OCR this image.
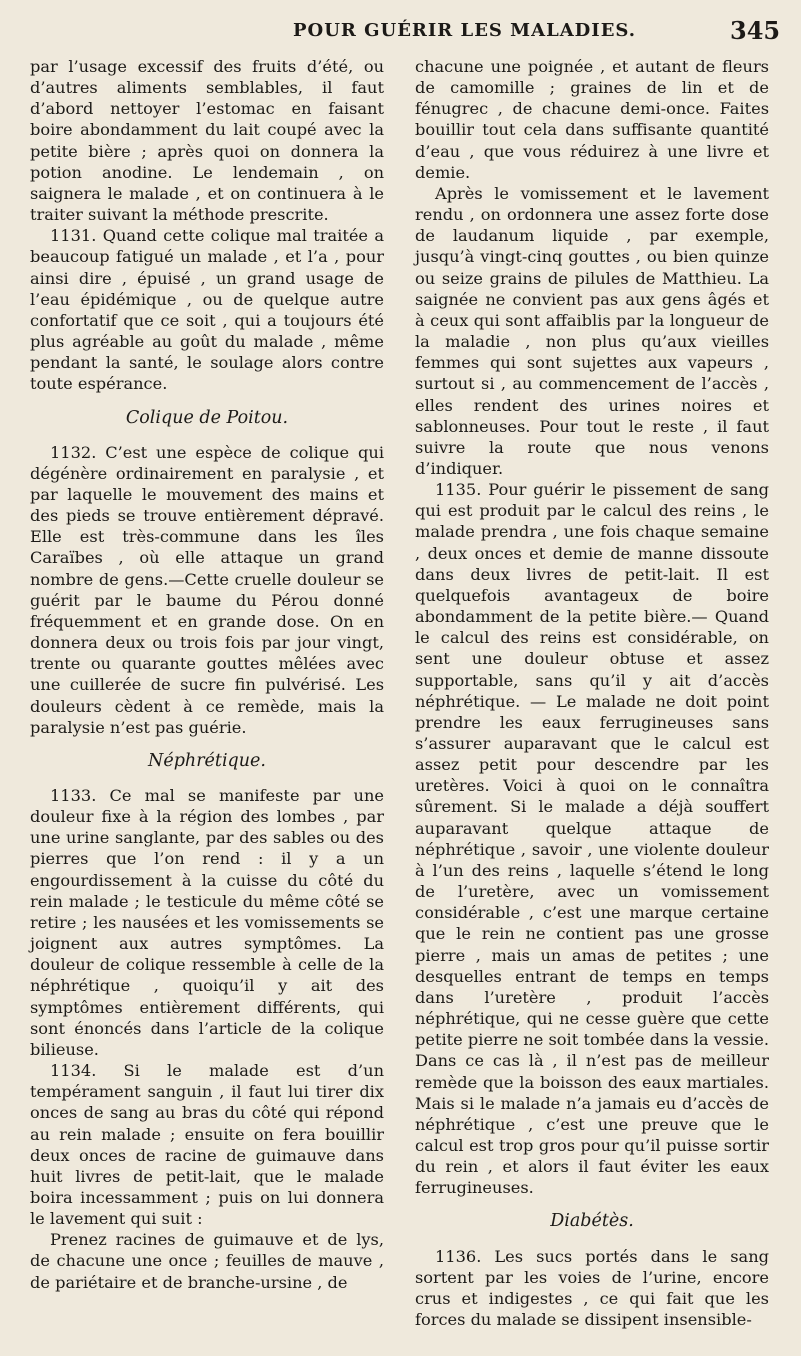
POUR GUÉRIR LES MALADIES.	345

par l’usage excessif des fruits d’été, ou d’autres aliments semblables, il faut d’abord nettoyer l’estomac en faisant boire abondamment du lait coupé avec la petite bière ; après quoi on donnera la potion anodine. Le lendemain , on saignera le malade , et on continuera à le traiter suivant la méthode prescrite.

1131. Quand cette colique mal traitée a beaucoup fatigué un malade , et l’a , pour ainsi dire , épuisé , un grand usage de l’eau épidémique , ou de quelque autre confortatif que ce soit , qui a toujours été plus agréable au goût du malade , même pendant la santé, le soulage alors contre toute espérance.

Colique de Poitou.

1132. C’est une espèce de colique qui dégénère ordinairement en paralysie , et par laquelle le mouvement des mains et des pieds se trouve entièrement dépravé. Elle est très-commune dans les îles Caraïbes , où elle attaque un grand nombre de gens.—Cette cruelle douleur se guérit par le baume du Pérou donné fréquemment et en grande dose. On en donnera deux ou trois fois par jour vingt, trente ou quarante gouttes mêlées avec une cuillerée de sucre fin pulvérisé. Les douleurs cèdent à ce remède, mais la paralysie n’est pas guérie.

Néphrétique.

1133. Ce mal se manifeste par une douleur fixe à la région des lombes , par une urine sanglante, par des sables ou des pierres que l’on rend : il y a un engourdissement à la cuisse du côté du rein malade ; le testicule du même côté se retire ; les nausées et les vomissements se joignent aux autres symptômes. La douleur de colique ressemble à celle de la néphrétique , quoiqu’il y ait des symptômes entièrement différents, qui sont énoncés dans l’article de la colique bilieuse.

1134. Si le malade est d’un tempérament sanguin , il faut lui tirer dix onces de sang au bras du côté qui répond au rein malade ; ensuite on fera bouillir deux onces de racine de guimauve dans huit livres de petit-lait, que le malade boira incessamment ; puis on lui donnera le lavement qui suit :

Prenez racines de guimauve et de lys, de chacune une once ; feuilles de mauve , de pariétaire et de branche-ursine , de

chacune une poignée , et autant de fleurs de camomille ; graines de lin et de fénugrec , de chacune demi-once. Faites bouillir tout cela dans suffisante quantité d’eau , que vous réduirez à une livre et demie.

Après le vomissement et le lavement rendu , on ordonnera une assez forte dose de laudanum liquide , par exemple, jusqu’à vingt-cinq gouttes , ou bien quinze ou seize grains de pilules de Matthieu. La saignée ne convient pas aux gens âgés et à ceux qui sont affaiblis par la longueur de la maladie , non plus qu’aux vieilles femmes qui sont sujettes aux vapeurs , surtout si , au commencement de l’accès , elles rendent des urines noires et sablonneuses. Pour tout le reste , il faut suivre la route que nous venons d’indiquer.

1135. Pour guérir le pissement de sang qui est produit par le calcul des reins , le malade prendra , une fois chaque semaine , deux onces et demie de manne dissoute dans deux livres de petit-lait. Il est quelquefois avantageux de boire abondamment de la petite bière.— Quand le calcul des reins est considérable, on sent une douleur obtuse et assez supportable, sans qu’il y ait d’accès néphrétique. — Le malade ne doit point prendre les eaux ferrugineuses sans s’assurer auparavant que le calcul est assez petit pour descendre par les uretères. Voici à quoi on le connaîtra sûrement. Si le malade a déjà souffert auparavant quelque attaque de néphrétique , savoir , une violente douleur à l’un des reins , laquelle s’étend le long de l’uretère, avec un vomissement considérable , c’est une marque certaine que le rein ne contient pas une grosse pierre , mais un amas de petites ; une desquelles entrant de temps en temps dans l’uretère , produit l’accès néphrétique, qui ne cesse guère que cette petite pierre ne soit tombée dans la vessie. Dans ce cas là , il n’est pas de meilleur remède que la boisson des eaux martiales. Mais si le malade n’a jamais eu d’accès de néphrétique , c’est une preuve que le calcul est trop gros pour qu’il puisse sortir du rein , et alors il faut éviter les eaux ferrugineuses.

Diabétès.

1136. Les sucs portés dans le sang sortent par les voies de l’urine, encore crus et indigestes , ce qui fait que les forces du malade se dissipent insensible-
